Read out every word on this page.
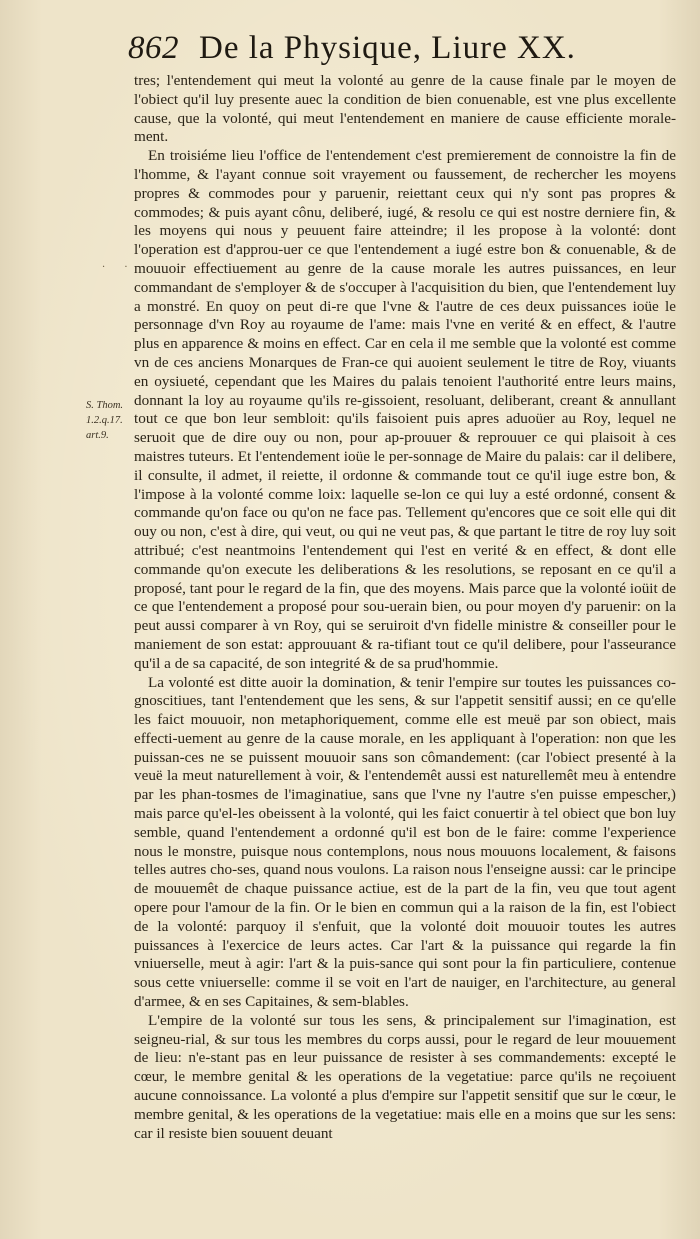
862 De la Physique, Liure XX.
· ·
S. Thom.
1.2.q.17.
art.9.

tres; l'entendement qui meut la volonté au genre de la cause finale par le moyen de l'obiect qu'il luy presente auec la condition de bien conuenable, est vne plus excellente cause, que la volonté, qui meut l'entendement en maniere de cause efficiente morale-ment.

En troisiéme lieu l'office de l'entendement c'est premierement de connoistre la fin de l'homme, & l'ayant connue soit vrayement ou faussement, de rechercher les moyens propres & commodes pour y paruenir, reiettant ceux qui n'y sont pas propres & commodes; & puis ayant cônu, deliberé, iugé, & resolu ce qui est nostre derniere fin, & les moyens qui nous y peuuent faire atteindre; il les propose à la volonté: dont l'operation est d'approu-uer ce que l'entendement a iugé estre bon & conuenable, & de mouuoir effectiuement au genre de la cause morale les autres puissances, en leur commandant de s'employer & de s'occuper à l'acquisition du bien, que l'entendement luy a monstré. En quoy on peut di-re que l'vne & l'autre de ces deux puissances ioüe le personnage d'vn Roy au royaume de l'ame: mais l'vne en verité & en effect, & l'autre plus en apparence & moins en effect. Car en cela il me semble que la volonté est comme vn de ces anciens Monarques de Fran-ce qui auoient seulement le titre de Roy, viuants en oysiueté, cependant que les Maires du palais tenoient l'authorité entre leurs mains, donnant la loy au royaume qu'ils re-gissoient, resoluant, deliberant, creant & annullant tout ce que bon leur sembloit: qu'ils faisoient puis apres aduoüer au Roy, lequel ne seruoit que de dire ouy ou non, pour ap-prouuer & reprouuer ce qui plaisoit à ces maistres tuteurs. Et l'entendement ioüe le per-sonnage de Maire du palais: car il delibere, il consulte, il admet, il reiette, il ordonne & commande tout ce qu'il iuge estre bon, & l'impose à la volonté comme loix: laquelle se-lon ce qui luy a esté ordonné, consent & commande qu'on face ou qu'on ne face pas. Tellement qu'encores que ce soit elle qui dit ouy ou non, c'est à dire, qui veut, ou qui ne veut pas, & que partant le titre de roy luy soit attribué; c'est neantmoins l'entendement qui l'est en verité & en effect, & dont elle commande qu'on execute les deliberations & les resolutions, se reposant en ce qu'il a proposé, tant pour le regard de la fin, que des moyens. Mais parce que la volonté ioüit de ce que l'entendement a proposé pour sou-uerain bien, ou pour moyen d'y paruenir: on la peut aussi comparer à vn Roy, qui se seruiroit d'vn fidelle ministre & conseiller pour le maniement de son estat: approuuant & ra-tifiant tout ce qu'il delibere, pour l'asseurance qu'il a de sa capacité, de son integrité & de sa prud'hommie.

La volonté est ditte auoir la domination, & tenir l'empire sur toutes les puissances co-gnoscitiues, tant l'entendement que les sens, & sur l'appetit sensitif aussi; en ce qu'elle les faict mouuoir, non metaphoriquement, comme elle est meuë par son obiect, mais effecti-uement au genre de la cause morale, en les appliquant à l'operation: non que les puissan-ces ne se puissent mouuoir sans son cômandement: (car l'obiect presenté à la veuë la meut naturellement à voir, & l'entendemêt aussi est naturellemêt meu à entendre par les phan-tosmes de l'imaginatiue, sans que l'vne ny l'autre s'en puisse empescher,) mais parce qu'el-les obeissent à la volonté, qui les faict conuertir à tel obiect que bon luy semble, quand l'entendement a ordonné qu'il est bon de le faire: comme l'experience nous le monstre, puisque nous contemplons, nous nous mouuons localement, & faisons telles autres cho-ses, quand nous voulons. La raison nous l'enseigne aussi: car le principe de mouuemêt de chaque puissance actiue, est de la part de la fin, veu que tout agent opere pour l'amour de la fin. Or le bien en commun qui a la raison de la fin, est l'obiect de la volonté: parquoy il s'enfuit, que la volonté doit mouuoir toutes les autres puissances à l'exercice de leurs actes. Car l'art & la puissance qui regarde la fin vniuerselle, meut à agir: l'art & la puis-sance qui sont pour la fin particuliere, contenue sous cette vniuerselle: comme il se voit en l'art de nauiger, en l'architecture, au general d'armee, & en ses Capitaines, & sem-blables.

L'empire de la volonté sur tous les sens, & principalement sur l'imagination, est seigneu-rial, & sur tous les membres du corps aussi, pour le regard de leur mouuement de lieu: n'e-stant pas en leur puissance de resister à ses commandements: excepté le cœur, le membre genital & les operations de la vegetatiue: parce qu'ils ne reçoiuent aucune connoissance. La volonté a plus d'empire sur l'appetit sensitif que sur le cœur, le membre genital, & les operations de la vegetatiue: mais elle en a moins que sur les sens: car il resiste bien souuent deuant
